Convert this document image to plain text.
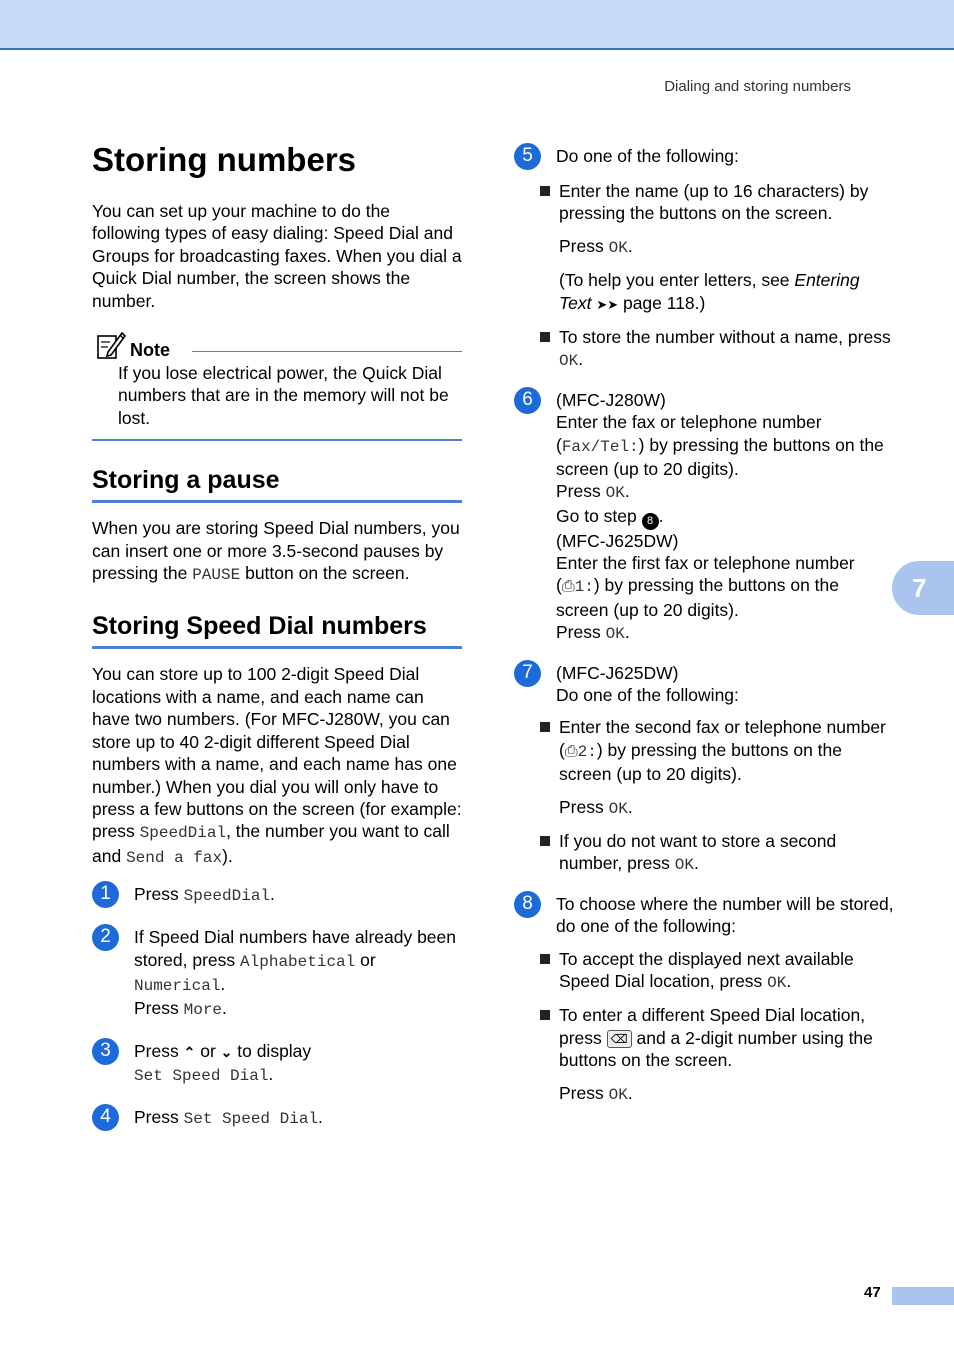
Dialing and storing numbers
7
47
Storing numbers

You can set up your machine to do the following types of easy dialing: Speed Dial and Groups for broadcasting faxes. When you dial a Quick Dial number, the screen shows the number.

Note

If you lose electrical power, the Quick Dial numbers that are in the memory will not be lost.

Storing a pause

When you are storing Speed Dial numbers, you can insert one or more 3.5-second pauses by pressing the PAUSE button on the screen.

Storing Speed Dial numbers

You can store up to 100 2-digit Speed Dial locations with a name, and each name can have two numbers. (For MFC-J280W, you can store up to 40 2-digit different Speed Dial numbers with a name, and each name has one number.) When you dial you will only have to press a few buttons on the screen (for example: press SpeedDial, the number you want to call and Send a fax).

1	Press SpeedDial.

2	If Speed Dial numbers have already been stored, press Alphabetical or Numerical.

Press More.

3	Press ⌃ or ⌄ to display

Set Speed Dial.

4	Press Set Speed Dial.

5	Do one of the following:

Enter the name (up to 16 characters) by pressing the buttons on the screen.

Press OK.

(To help you enter letters, see Entering Text ➤➤ page 118.)

To store the number without a name, press OK.

6	(MFC-J280W)

Enter the fax or telephone number (Fax/Tel:) by pressing the buttons on the screen (up to 20 digits).

Press OK.

Go to step 8 .

(MFC-J625DW)

Enter the first fax or telephone number (⎙1:) by pressing the buttons on the screen (up to 20 digits).

Press OK.

7	(MFC-J625DW)

Do one of the following:

Enter the second fax or telephone number (⎙2:) by pressing the buttons on the screen (up to 20 digits).

Press OK.

If you do not want to store a second number, press OK.

8	To choose where the number will be stored, do one of the following:

To accept the displayed next available Speed Dial location, press OK.

To enter a different Speed Dial location, press ⌫ and a 2-digit number using the buttons on the screen.

Press OK.
